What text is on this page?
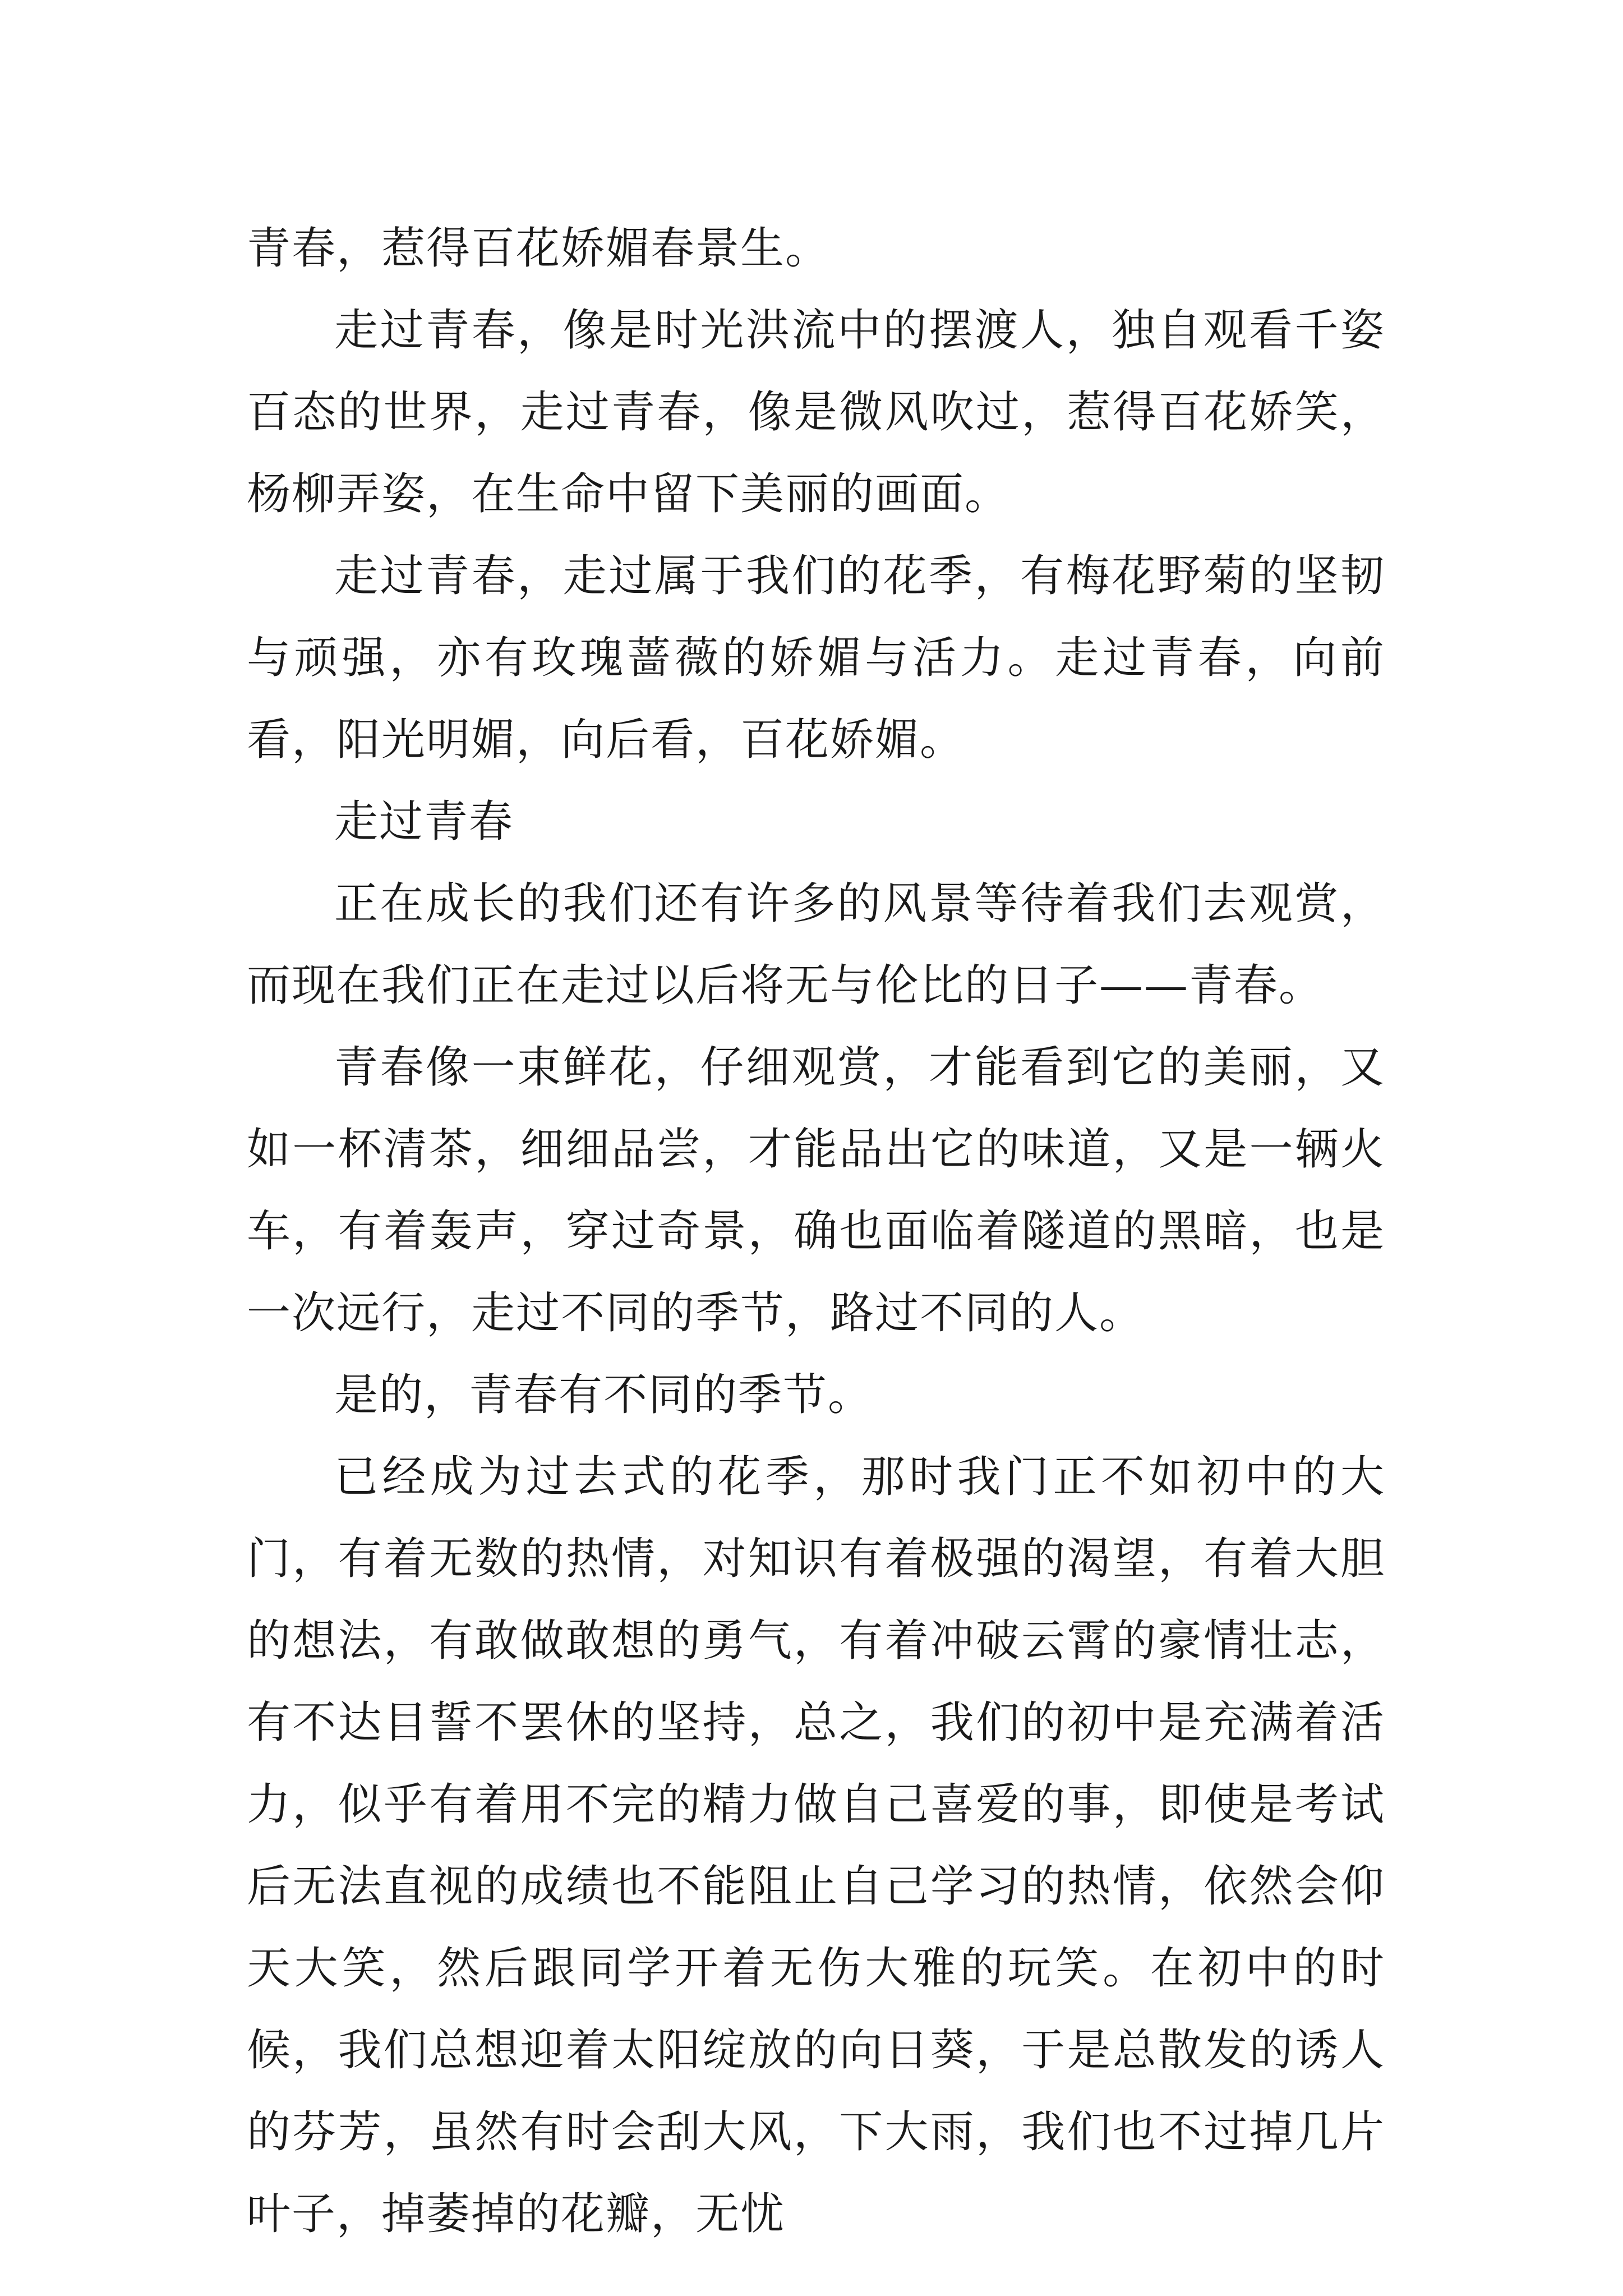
青春，惹得百花娇媚春景生。

走过青春，像是时光洪流中的摆渡人，独自观看千姿百态的世界，走过青春，像是微风吹过，惹得百花娇笑，杨柳弄姿，在生命中留下美丽的画面。

走过青春，走过属于我们的花季，有梅花野菊的坚韧与顽强，亦有玫瑰蔷薇的娇媚与活力。走过青春，向前看，阳光明媚，向后看，百花娇媚。

走过青春

正在成长的我们还有许多的风景等待着我们去观赏，而现在我们正在走过以后将无与伦比的日子——青春。

青春像一束鲜花，仔细观赏，才能看到它的美丽，又如一杯清茶，细细品尝，才能品出它的味道，又是一辆火车，有着轰声，穿过奇景，确也面临着隧道的黑暗，也是一次远行，走过不同的季节，路过不同的人。

是的，青春有不同的季节。

已经成为过去式的花季，那时我门正不如初中的大门，有着无数的热情，对知识有着极强的渴望，有着大胆的想法，有敢做敢想的勇气，有着冲破云霄的豪情壮志，有不达目誓不罢休的坚持，总之，我们的初中是充满着活力，似乎有着用不完的精力做自己喜爱的事，即使是考试后无法直视的成绩也不能阻止自己学习的热情，依然会仰天大笑，然后跟同学开着无伤大雅的玩笑。在初中的时候，我们总想迎着太阳绽放的向日葵，于是总散发的诱人的芬芳，虽然有时会刮大风，下大雨，我们也不过掉几片叶子，掉萎掉的花瓣，无忧
